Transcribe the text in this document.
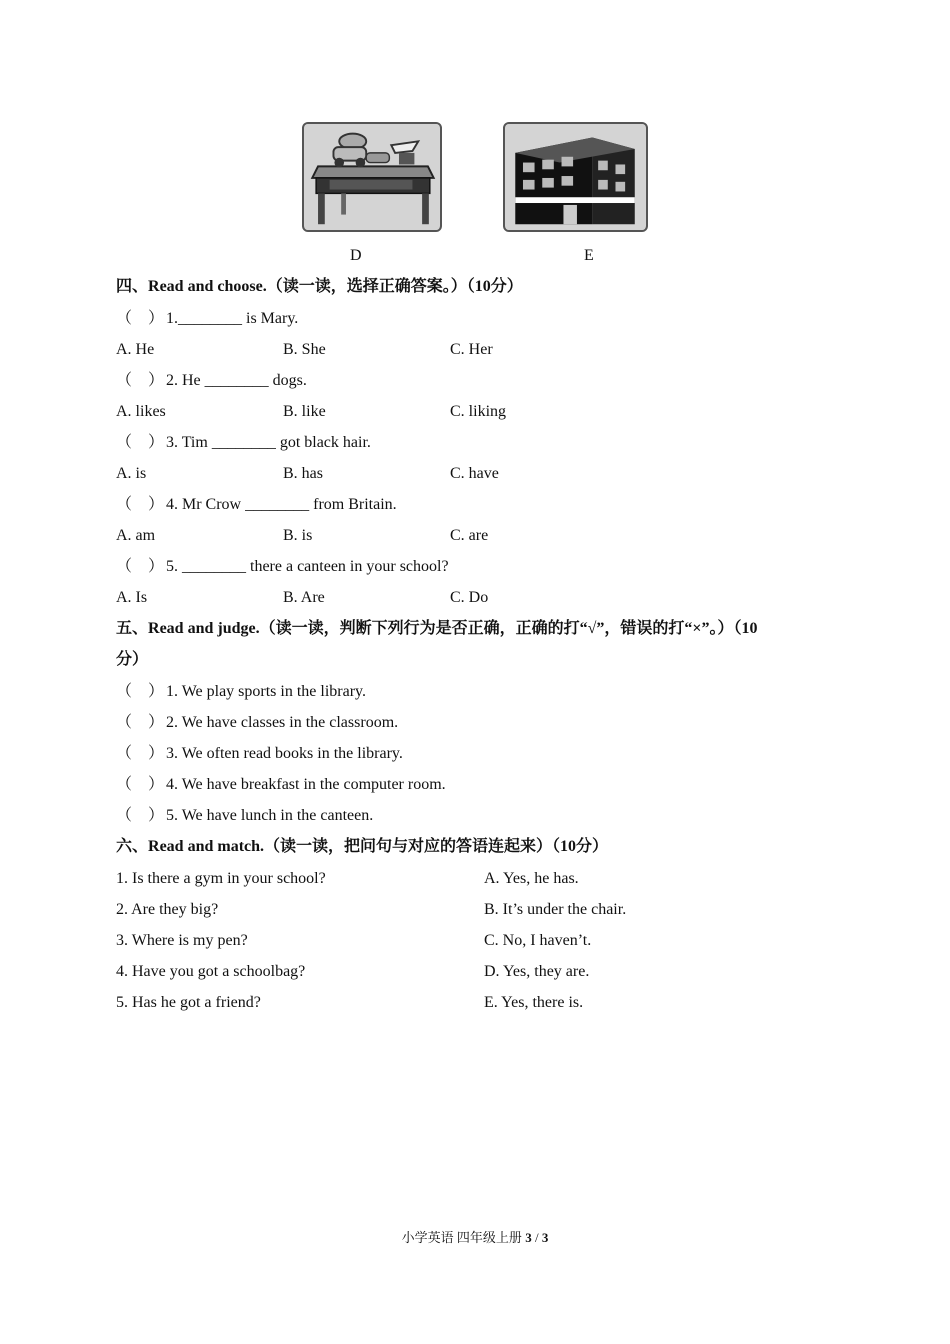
D	E
四、Read and choose.（读一读，选择正确答案。）（10分）
（　） 1.________ is Mary.
A. He	B. She	C. Her
（　） 2. He ________ dogs.
A. likes	B. like	C. liking
（　） 3. Tim ________ got black hair.
A. is	B. has	C. have
（　） 4. Mr Crow ________ from Britain.
A. am	B. is	C. are
（　） 5. ________ there a canteen in your school?
A. Is	B. Are	C. Do
五、Read and judge.（读一读，判断下列行为是否正确，正确的打“√”，错误的打“×”。）（10
分）
（　） 1. We play sports in the library.
（　） 2. We have classes in the classroom.
（　） 3. We often read books in the library.
（　） 4. We have breakfast in the computer room.
（　） 5. We have lunch in the canteen.
六、Read and match.（读一读，把问句与对应的答语连起来）（10分）
1. Is there a gym in your school?	A. Yes, he has.
2. Are they big?	B. It’s under the chair.
3. Where is my pen?	C. No, I haven’t.
4. Have you got a schoolbag?	D. Yes, they are.
5. Has he got a friend?	E. Yes, there is.
小学英语 四年级上册 3 / 3
